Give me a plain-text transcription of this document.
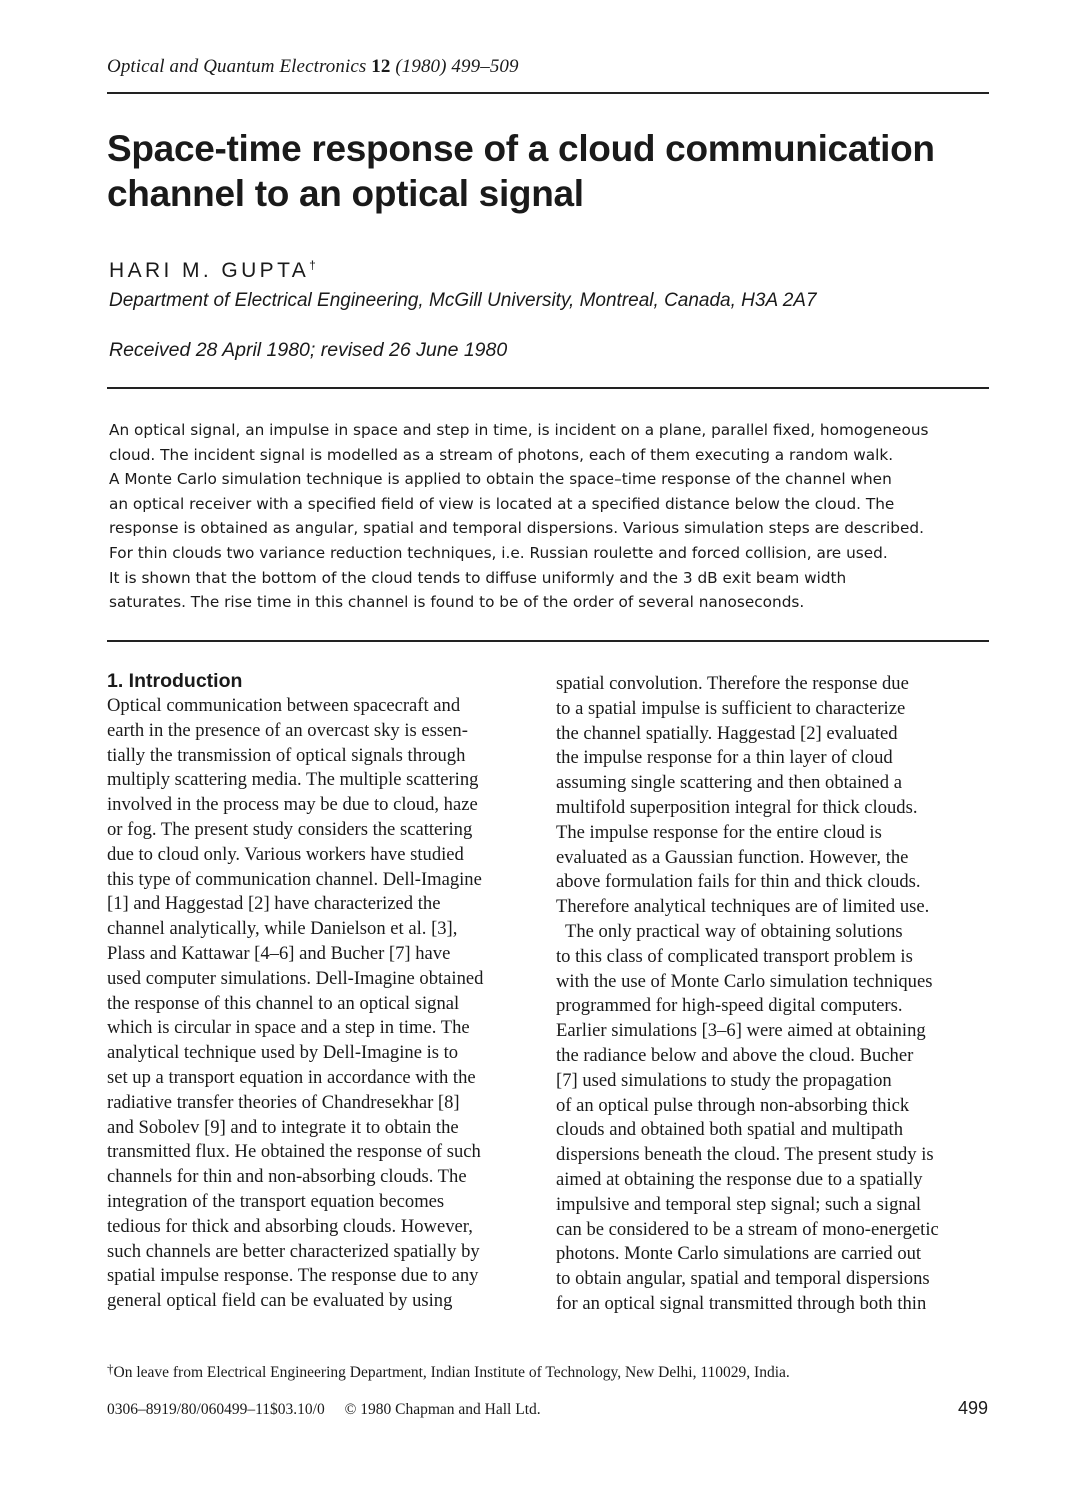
Optical and Quantum Electronics 12 (1980) 499–509
Space-time response of a cloud communication
channel to an optical signal
HARI M. GUPTA†
Department of Electrical Engineering, McGill University, Montreal, Canada, H3A 2A7
Received 28 April 1980; revised 26 June 1980
An optical signal, an impulse in space and step in time, is incident on a plane, parallel fixed, homogeneous
cloud. The incident signal is modelled as a stream of photons, each of them executing a random walk.
A Monte Carlo simulation technique is applied to obtain the space–time response of the channel when
an optical receiver with a specified field of view is located at a specified distance below the cloud. The
response is obtained as angular, spatial and temporal dispersions. Various simulation steps are described.
For thin clouds two variance reduction techniques, i.e. Russian roulette and forced collision, are used.
It is shown that the bottom of the cloud tends to diffuse uniformly and the 3 dB exit beam width
saturates. The rise time in this channel is found to be of the order of several nanoseconds.
1. Introduction
Optical communication between spacecraft and
earth in the presence of an overcast sky is essen-
tially the transmission of optical signals through
multiply scattering media. The multiple scattering
involved in the process may be due to cloud, haze
or fog. The present study considers the scattering
due to cloud only. Various workers have studied
this type of communication channel. Dell-Imagine
[1] and Haggestad [2] have characterized the
channel analytically, while Danielson et al. [3],
Plass and Kattawar [4–6] and Bucher [7] have
used computer simulations. Dell-Imagine obtained
the response of this channel to an optical signal
which is circular in space and a step in time. The
analytical technique used by Dell-Imagine is to
set up a transport equation in accordance with the
radiative transfer theories of Chandresekhar [8]
and Sobolev [9] and to integrate it to obtain the
transmitted flux. He obtained the response of such
channels for thin and non-absorbing clouds. The
integration of the transport equation becomes
tedious for thick and absorbing clouds. However,
such channels are better characterized spatially by
spatial impulse response. The response due to any
general optical field can be evaluated by using
spatial convolution. Therefore the response due
to a spatial impulse is sufficient to characterize
the channel spatially. Haggestad [2] evaluated
the impulse response for a thin layer of cloud
assuming single scattering and then obtained a
multifold superposition integral for thick clouds.
The impulse response for the entire cloud is
evaluated as a Gaussian function. However, the
above formulation fails for thin and thick clouds.
Therefore analytical techniques are of limited use.
The only practical way of obtaining solutions
to this class of complicated transport problem is
with the use of Monte Carlo simulation techniques
programmed for high-speed digital computers.
Earlier simulations [3–6] were aimed at obtaining
the radiance below and above the cloud. Bucher
[7] used simulations to study the propagation
of an optical pulse through non-absorbing thick
clouds and obtained both spatial and multipath
dispersions beneath the cloud. The present study is
aimed at obtaining the response due to a spatially
impulsive and temporal step signal; such a signal
can be considered to be a stream of mono-energetic
photons. Monte Carlo simulations are carried out
to obtain angular, spatial and temporal dispersions
for an optical signal transmitted through both thin
†On leave from Electrical Engineering Department, Indian Institute of Technology, New Delhi, 110029, India.
0306–8919/80/060499–11$03.10/0 © 1980 Chapman and Hall Ltd.	499
